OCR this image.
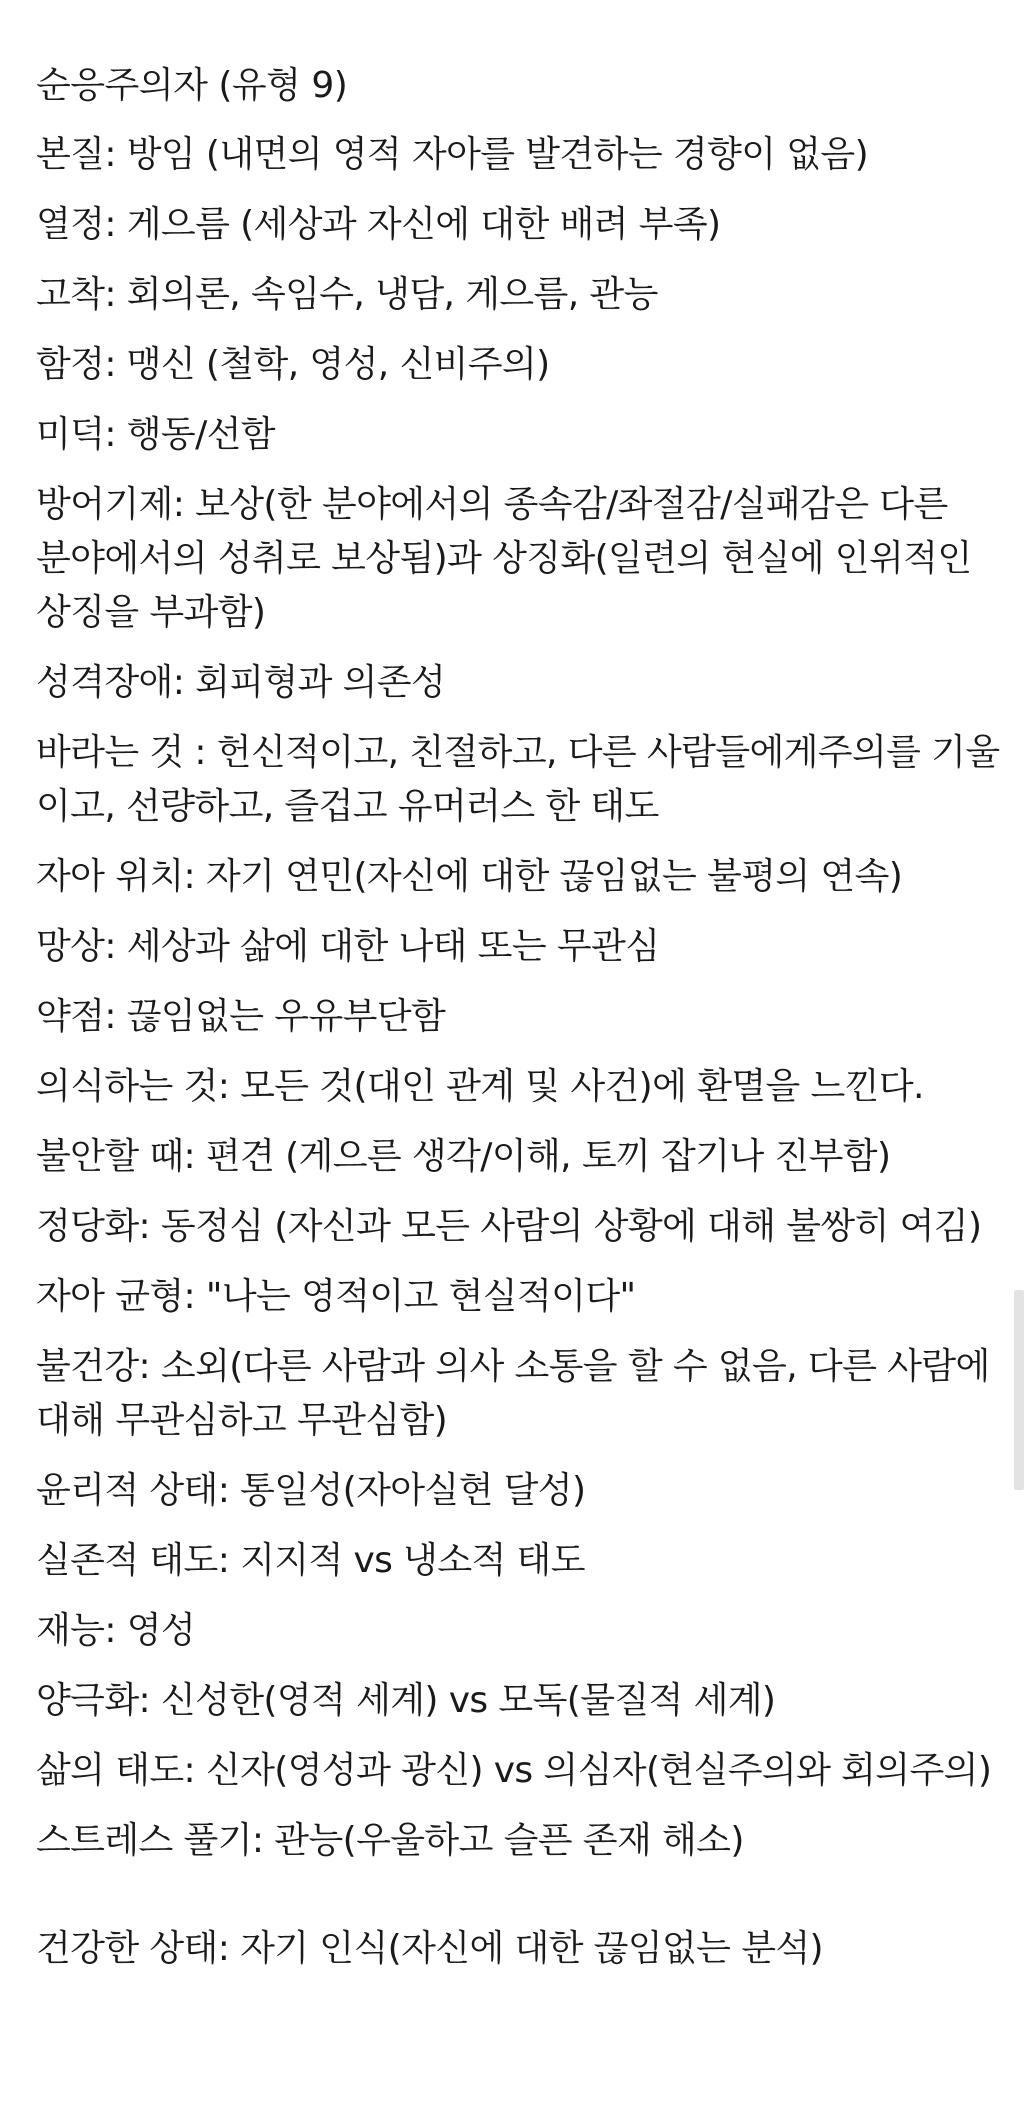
순응주의자 (유형 9)
본질: 방임 (내면의 영적 자아를 발견하는 경향이 없음)
열정: 게으름 (세상과 자신에 대한 배려 부족)
고착: 회의론, 속임수, 냉담, 게으름, 관능
함정: 맹신 (철학, 영성, 신비주의)
미덕: 행동/선함
방어기제: 보상(한 분야에서의 종속감/좌절감/실패감은 다른
분야에서의 성취로 보상됨)과 상징화(일련의 현실에 인위적인
상징을 부과함)
성격장애: 회피형과 의존성
바라는 것 : 헌신적이고, 친절하고, 다른 사람들에게주의를 기울
이고, 선량하고, 즐겁고 유머러스 한 태도
자아 위치: 자기 연민(자신에 대한 끊임없는 불평의 연속)
망상: 세상과 삶에 대한 나태 또는 무관심
약점: 끊임없는 우유부단함
의식하는 것: 모든 것(대인 관계 및 사건)에 환멸을 느낀다.
불안할 때: 편견 (게으른 생각/이해, 토끼 잡기나 진부함)
정당화: 동정심 (자신과 모든 사람의 상황에 대해 불쌍히 여김)
자아 균형: "나는 영적이고 현실적이다"
불건강: 소외(다른 사람과 의사 소통을 할 수 없음, 다른 사람에
대해 무관심하고 무관심함)
윤리적 상태: 통일성(자아실현 달성)
실존적 태도: 지지적 vs 냉소적 태도
재능: 영성
양극화: 신성한(영적 세계) vs 모독(물질적 세계)
삶의 태도: 신자(영성과 광신) vs 의심자(현실주의와 회의주의)
스트레스 풀기: 관능(우울하고 슬픈 존재 해소)
건강한 상태: 자기 인식(자신에 대한 끊임없는 분석)
